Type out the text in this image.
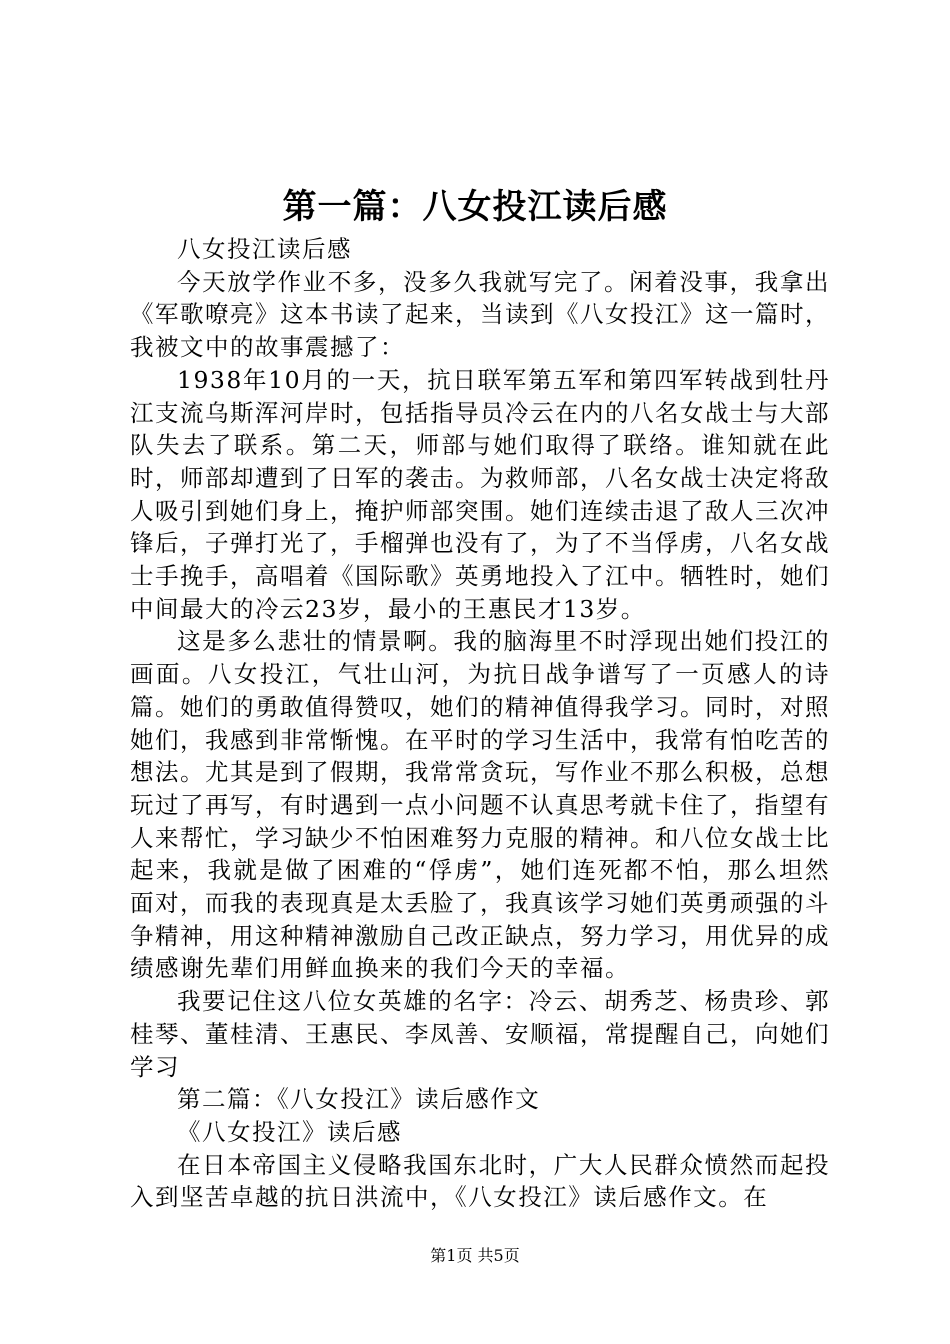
第一篇：八女投江读后感

八女投江读后感

今天放学作业不多，没多久我就写完了。闲着没事，我拿出《军歌嘹亮》这本书读了起来，当读到《八女投江》这一篇时，我被文中的故事震撼了：

1938年10月的一天，抗日联军第五军和第四军转战到牡丹江支流乌斯浑河岸时，包括指导员冷云在内的八名女战士与大部队失去了联系。第二天，师部与她们取得了联络。谁知就在此时，师部却遭到了日军的袭击。为救师部，八名女战士决定将敌人吸引到她们身上，掩护师部突围。她们连续击退了敌人三次冲锋后，子弹打光了，手榴弹也没有了，为了不当俘虏，八名女战士手挽手，高唱着《国际歌》英勇地投入了江中。牺牲时，她们中间最大的冷云23岁，最小的王惠民才13岁。

这是多么悲壮的情景啊。我的脑海里不时浮现出她们投江的画面。八女投江，气壮山河，为抗日战争谱写了一页感人的诗篇。她们的勇敢值得赞叹，她们的精神值得我学习。同时，对照她们，我感到非常惭愧。在平时的学习生活中，我常有怕吃苦的想法。尤其是到了假期，我常常贪玩，写作业不那么积极，总想玩过了再写，有时遇到一点小问题不认真思考就卡住了，指望有人来帮忙，学习缺少不怕困难努力克服的精神。和八位女战士比起来，我就是做了困难的“俘虏”，她们连死都不怕，那么坦然面对，而我的表现真是太丢脸了，我真该学习她们英勇顽强的斗争精神，用这种精神激励自己改正缺点，努力学习，用优异的成绩感谢先辈们用鲜血换来的我们今天的幸福。

我要记住这八位女英雄的名字：冷云、胡秀芝、杨贵珍、郭桂琴、董桂清、王惠民、李凤善、安顺福，常提醒自己，向她们学习

第二篇：《八女投江》读后感作文

《八女投江》读后感

在日本帝国主义侵略我国东北时，广大人民群众愤然而起投入到坚苦卓越的抗日洪流中，《八女投江》读后感作文。在

第1页 共5页
